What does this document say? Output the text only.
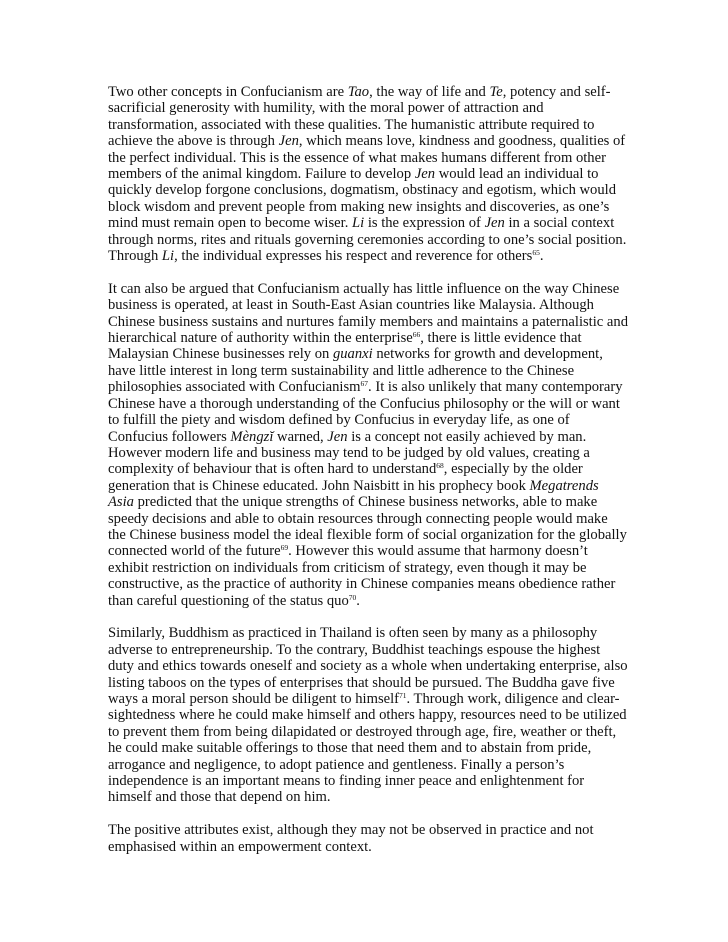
Two other concepts in Confucianism are Tao, the way of life and Te, potency and self-sacrificial generosity with humility, with the moral power of attraction and transformation, associated with these qualities. The humanistic attribute required to achieve the above is through Jen, which means love, kindness and goodness, qualities of the perfect individual. This is the essence of what makes humans different from other members of the animal kingdom. Failure to develop Jen would lead an individual to quickly develop forgone conclusions, dogmatism, obstinacy and egotism, which would block wisdom and prevent people from making new insights and discoveries, as one’s mind must remain open to become wiser. Li is the expression of Jen in a social context through norms, rites and rituals governing ceremonies according to one’s social position. Through Li, the individual expresses his respect and reverence for others$^{65}$.

It can also be argued that Confucianism actually has little influence on the way Chinese business is operated, at least in South-East Asian countries like Malaysia. Although Chinese business sustains and nurtures family members and maintains a paternalistic and hierarchical nature of authority within the enterprise$^{66}$, there is little evidence that Malaysian Chinese businesses rely on guanxi networks for growth and development, have little interest in long term sustainability and little adherence to the Chinese philosophies associated with Confucianism$^{67}$. It is also unlikely that many contemporary Chinese have a thorough understanding of the Confucius philosophy or the will or want to fulfill the piety and wisdom defined by Confucius in everyday life, as one of Confucius followers Mèngzĭ warned, Jen is a concept not easily achieved by man. However modern life and business may tend to be judged by old values, creating a complexity of behaviour that is often hard to understand$^{68}$, especially by the older generation that is Chinese educated. John Naisbitt in his prophecy book Megatrends Asia predicted that the unique strengths of Chinese business networks, able to make speedy decisions and able to obtain resources through connecting people would make the Chinese business model the ideal flexible form of social organization for the globally connected world of the future$^{69}$. However this would assume that harmony doesn’t exhibit restriction on individuals from criticism of strategy, even though it may be constructive, as the practice of authority in Chinese companies means obedience rather than careful questioning of the status quo$^{70}$.

Similarly, Buddhism as practiced in Thailand is often seen by many as a philosophy adverse to entrepreneurship. To the contrary, Buddhist teachings espouse the highest duty and ethics towards oneself and society as a whole when undertaking enterprise, also listing taboos on the types of enterprises that should be pursued. The Buddha gave five ways a moral person should be diligent to himself$^{71}$. Through work, diligence and clear-sightedness where he could make himself and others happy, resources need to be utilized to prevent them from being dilapidated or destroyed through age, fire, weather or theft, he could make suitable offerings to those that need them and to abstain from pride, arrogance and negligence, to adopt patience and gentleness. Finally a person’s independence is an important means to finding inner peace and enlightenment for himself and those that depend on him.

The positive attributes exist, although they may not be observed in practice and not emphasised within an empowerment context.
